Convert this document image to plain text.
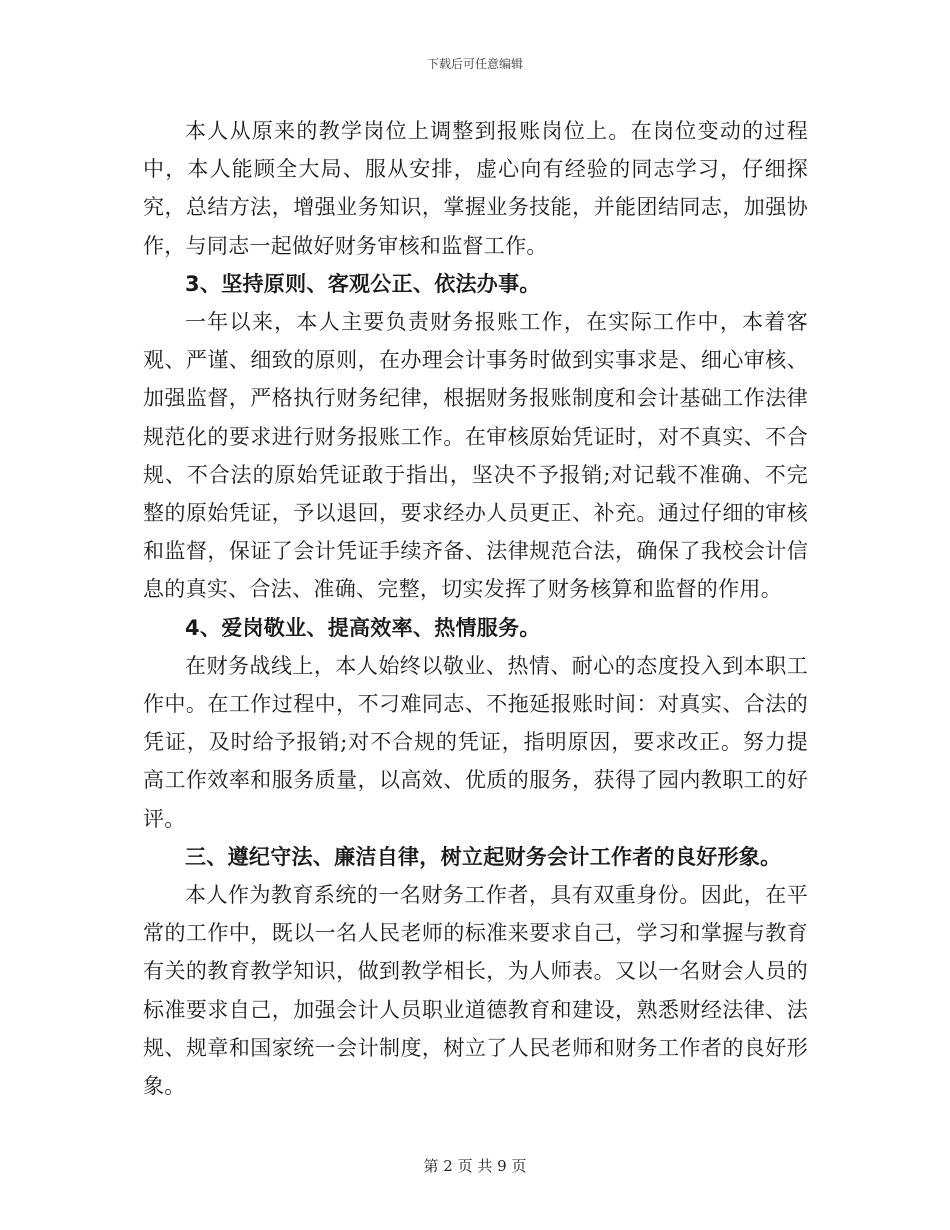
下载后可任意编辑

本人从原来的教学岗位上调整到报账岗位上。在岗位变动的过程中，本人能顾全大局、服从安排，虚心向有经验的同志学习，仔细探究，总结方法，增强业务知识，掌握业务技能，并能团结同志，加强协作，与同志一起做好财务审核和监督工作。

3、坚持原则、客观公正、依法办事。

一年以来，本人主要负责财务报账工作，在实际工作中，本着客观、严谨、细致的原则，在办理会计事务时做到实事求是、细心审核、加强监督，严格执行财务纪律，根据财务报账制度和会计基础工作法律规范化的要求进行财务报账工作。在审核原始凭证时，对不真实、不合规、不合法的原始凭证敢于指出，坚决不予报销;对记载不准确、不完整的原始凭证，予以退回，要求经办人员更正、补充。通过仔细的审核和监督，保证了会计凭证手续齐备、法律规范合法，确保了我校会计信息的真实、合法、准确、完整，切实发挥了财务核算和监督的作用。

4、爱岗敬业、提高效率、热情服务。

在财务战线上，本人始终以敬业、热情、耐心的态度投入到本职工作中。在工作过程中，不刁难同志、不拖延报账时间：对真实、合法的凭证，及时给予报销;对不合规的凭证，指明原因，要求改正。努力提高工作效率和服务质量，以高效、优质的服务，获得了园内教职工的好评。

三、遵纪守法、廉洁自律，树立起财务会计工作者的良好形象。

本人作为教育系统的一名财务工作者，具有双重身份。因此，在平常的工作中，既以一名人民老师的标准来要求自己，学习和掌握与教育有关的教育教学知识，做到教学相长，为人师表。又以一名财会人员的标准要求自己，加强会计人员职业道德教育和建设，熟悉财经法律、法规、规章和国家统一会计制度，树立了人民老师和财务工作者的良好形象。

第 2 页 共 9 页
